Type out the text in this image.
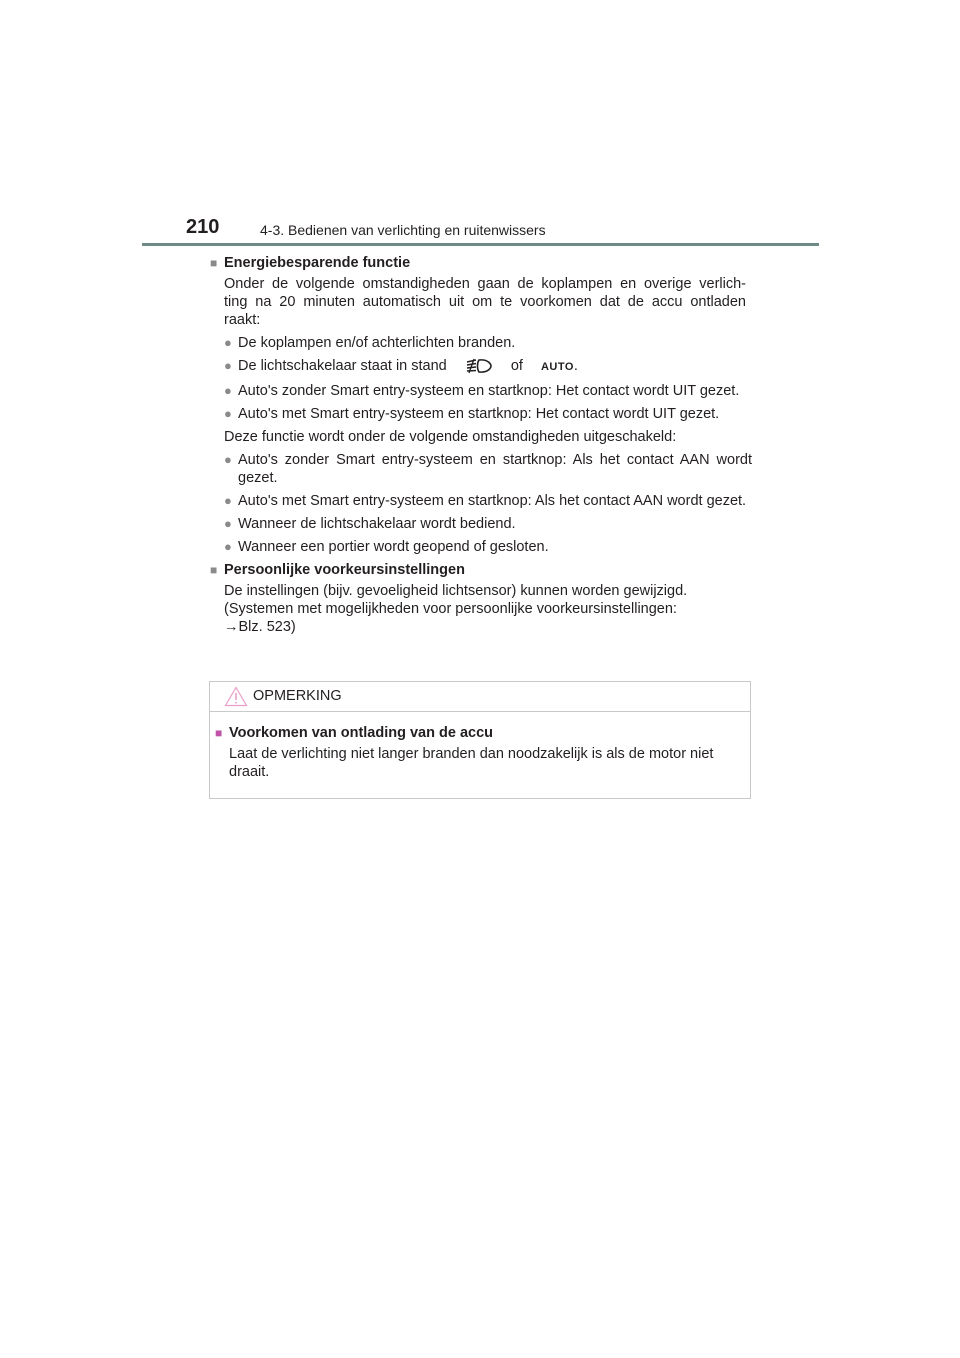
210	4-3. Bedienen van verlichting en ruitenwissers
■ Energiebesparende functie
Onder de volgende omstandigheden gaan de koplampen en overige verlich-
ting na 20 minuten automatisch uit om te voorkomen dat de accu ontladen
raakt:
● De koplampen en/of achterlichten branden.
● De lichtschakelaar staat in stand	of AUTO.
● Auto's zonder Smart entry-systeem en startknop: Het contact wordt UIT gezet.
● Auto's met Smart entry-systeem en startknop: Het contact wordt UIT gezet.
Deze functie wordt onder de volgende omstandigheden uitgeschakeld:
● Auto's zonder Smart entry-systeem en startknop: Als het contact AAN wordt gezet.
● Auto's met Smart entry-systeem en startknop: Als het contact AAN wordt gezet.
● Wanneer de lichtschakelaar wordt bediend.
● Wanneer een portier wordt geopend of gesloten.
■ Persoonlijke voorkeursinstellingen
De instellingen (bijv. gevoeligheid lichtsensor) kunnen worden gewijzigd.
(Systemen met mogelijkheden voor persoonlijke voorkeursinstellingen:
→Blz. 523)
OPMERKING
■ Voorkomen van ontlading van de accu
Laat de verlichting niet langer branden dan noodzakelijk is als de motor niet draait.
